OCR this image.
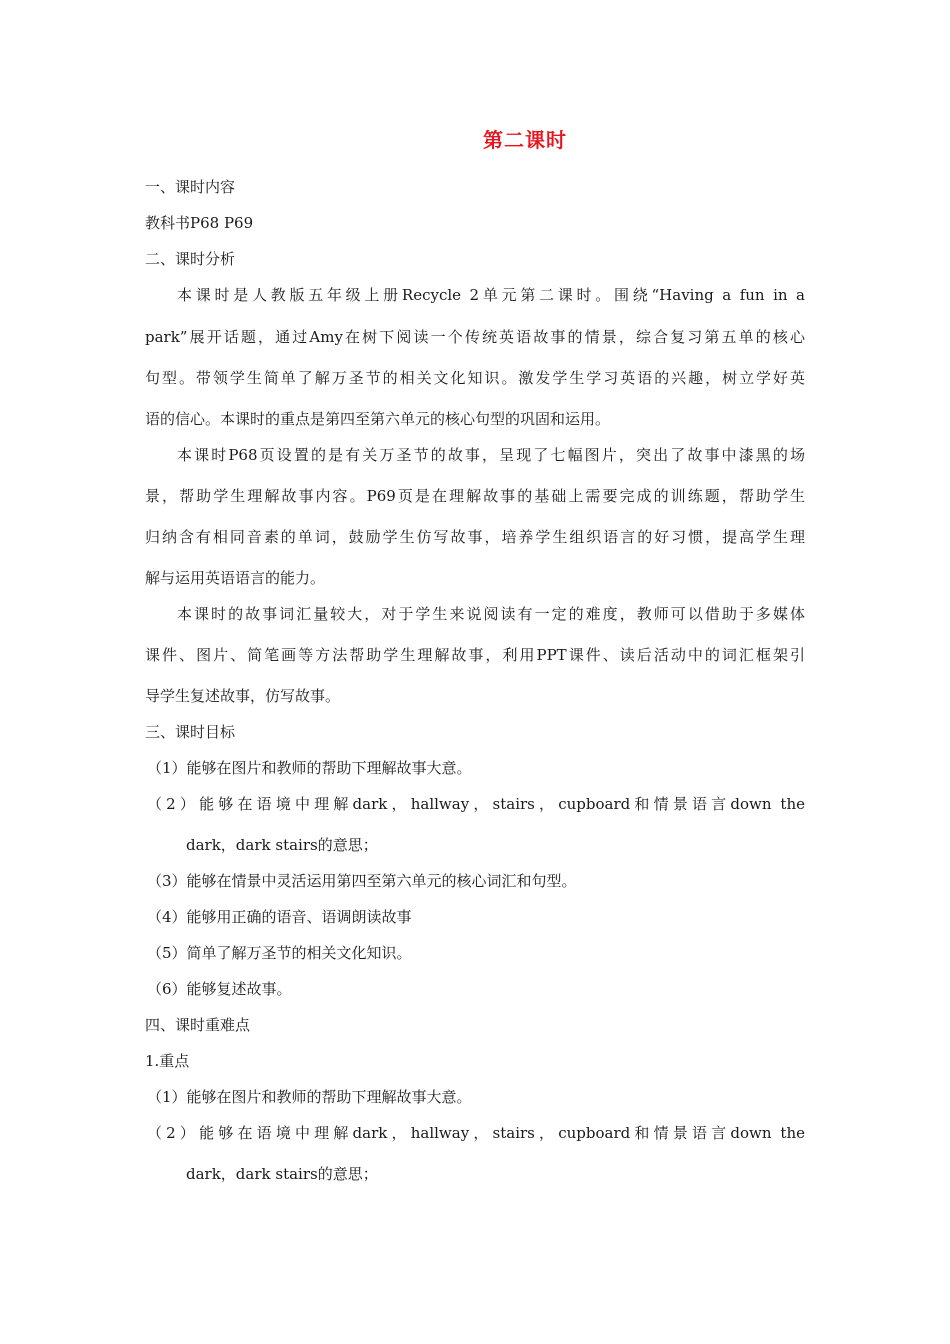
第二课时
一、课时内容
教科书P68 P69
二、课时分析
本课时是人教版五年级上册Recycle 2单元第二课时。围绕“Having a fun in a
park”展开话题，通过Amy在树下阅读一个传统英语故事的情景，综合复习第五单的核心
句型。带领学生简单了解万圣节的相关文化知识。激发学生学习英语的兴趣，树立学好英
语的信心。本课时的重点是第四至第六单元的核心句型的巩固和运用。
本课时P68页设置的是有关万圣节的故事，呈现了七幅图片，突出了故事中漆黑的场
景，帮助学生理解故事内容。P69页是在理解故事的基础上需要完成的训练题，帮助学生
归纳含有相同音素的单词，鼓励学生仿写故事，培养学生组织语言的好习惯，提高学生理
解与运用英语语言的能力。
本课时的故事词汇量较大，对于学生来说阅读有一定的难度，教师可以借助于多媒体
课件、图片、简笔画等方法帮助学生理解故事，利用PPT课件、读后活动中的词汇框架引
导学生复述故事，仿写故事。
三、课时目标
（1）能够在图片和教师的帮助下理解故事大意。
（2）能够在语境中理解dark，hallway，stairs，cupboard和情景语言down the
dark，dark stairs的意思；
（3）能够在情景中灵活运用第四至第六单元的核心词汇和句型。
（4）能够用正确的语音、语调朗读故事
（5）简单了解万圣节的相关文化知识。
（6）能够复述故事。
四、课时重难点
1.重点
（1）能够在图片和教师的帮助下理解故事大意。
（2）能够在语境中理解dark，hallway，stairs，cupboard和情景语言down the
dark，dark stairs的意思；
